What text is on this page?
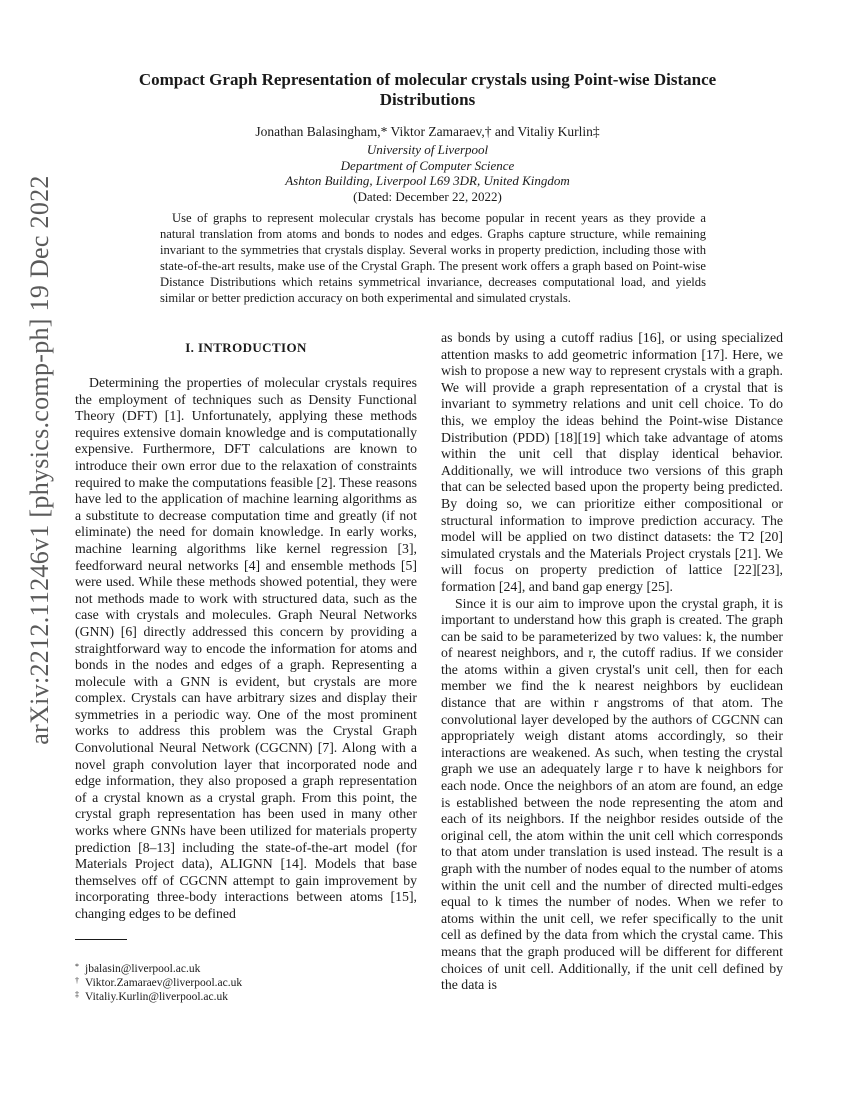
arXiv:2212.11246v1 [physics.comp-ph] 19 Dec 2022
Compact Graph Representation of molecular crystals using Point-wise Distance Distributions
Jonathan Balasingham,* Viktor Zamaraev,† and Vitaliy Kurlin‡
University of Liverpool
Department of Computer Science
Ashton Building, Liverpool L69 3DR, United Kingdom
(Dated: December 22, 2022)
Use of graphs to represent molecular crystals has become popular in recent years as they provide a natural translation from atoms and bonds to nodes and edges. Graphs capture structure, while remaining invariant to the symmetries that crystals display. Several works in property prediction, including those with state-of-the-art results, make use of the Crystal Graph. The present work offers a graph based on Point-wise Distance Distributions which retains symmetrical invariance, decreases computational load, and yields similar or better prediction accuracy on both experimental and simulated crystals.
I. INTRODUCTION

Determining the properties of molecular crystals requires the employment of techniques such as Density Functional Theory (DFT) [1]. Unfortunately, applying these methods requires extensive domain knowledge and is computationally expensive. Furthermore, DFT calculations are known to introduce their own error due to the relaxation of constraints required to make the computations feasible [2]. These reasons have led to the application of machine learning algorithms as a substitute to decrease computation time and greatly (if not eliminate) the need for domain knowledge. In early works, machine learning algorithms like kernel regression [3], feedforward neural networks [4] and ensemble methods [5] were used. While these methods showed potential, they were not methods made to work with structured data, such as the case with crystals and molecules. Graph Neural Networks (GNN) [6] directly addressed this concern by providing a straightforward way to encode the information for atoms and bonds in the nodes and edges of a graph. Representing a molecule with a GNN is evident, but crystals are more complex. Crystals can have arbitrary sizes and display their symmetries in a periodic way. One of the most prominent works to address this problem was the Crystal Graph Convolutional Neural Network (CGCNN) [7]. Along with a novel graph convolution layer that incorporated node and edge information, they also proposed a graph representation of a crystal known as a crystal graph. From this point, the crystal graph representation has been used in many other works where GNNs have been utilized for materials property prediction [8–13] including the state-of-the-art model (for Materials Project data), ALIGNN [14]. Models that base themselves off of CGCNN attempt to gain improvement by incorporating three-body interactions between atoms [15], changing edges to be defined

as bonds by using a cutoff radius [16], or using specialized attention masks to add geometric information [17]. Here, we wish to propose a new way to represent crystals with a graph. We will provide a graph representation of a crystal that is invariant to symmetry relations and unit cell choice. To do this, we employ the ideas behind the Point-wise Distance Distribution (PDD) [18][19] which take advantage of atoms within the unit cell that display identical behavior. Additionally, we will introduce two versions of this graph that can be selected based upon the property being predicted. By doing so, we can prioritize either compositional or structural information to improve prediction accuracy. The model will be applied on two distinct datasets: the T2 [20] simulated crystals and the Materials Project crystals [21]. We will focus on property prediction of lattice [22][23], formation [24], and band gap energy [25].

Since it is our aim to improve upon the crystal graph, it is important to understand how this graph is created. The graph can be said to be parameterized by two values: k, the number of nearest neighbors, and r, the cutoff radius. If we consider the atoms within a given crystal's unit cell, then for each member we find the k nearest neighbors by euclidean distance that are within r angstroms of that atom. The convolutional layer developed by the authors of CGCNN can appropriately weigh distant atoms accordingly, so their interactions are weakened. As such, when testing the crystal graph we use an adequately large r to have k neighbors for each node. Once the neighbors of an atom are found, an edge is established between the node representing the atom and each of its neighbors. If the neighbor resides outside of the original cell, the atom within the unit cell which corresponds to that atom under translation is used instead. The result is a graph with the number of nodes equal to the number of atoms within the unit cell and the number of directed multi-edges equal to k times the number of nodes. When we refer to atoms within the unit cell, we refer specifically to the unit cell as defined by the data from which the crystal came. This means that the graph produced will be different for different choices of unit cell. Additionally, if the unit cell defined by the data is

* jbalasin@liverpool.ac.uk
† Viktor.Zamaraev@liverpool.ac.uk
‡ Vitaliy.Kurlin@liverpool.ac.uk
